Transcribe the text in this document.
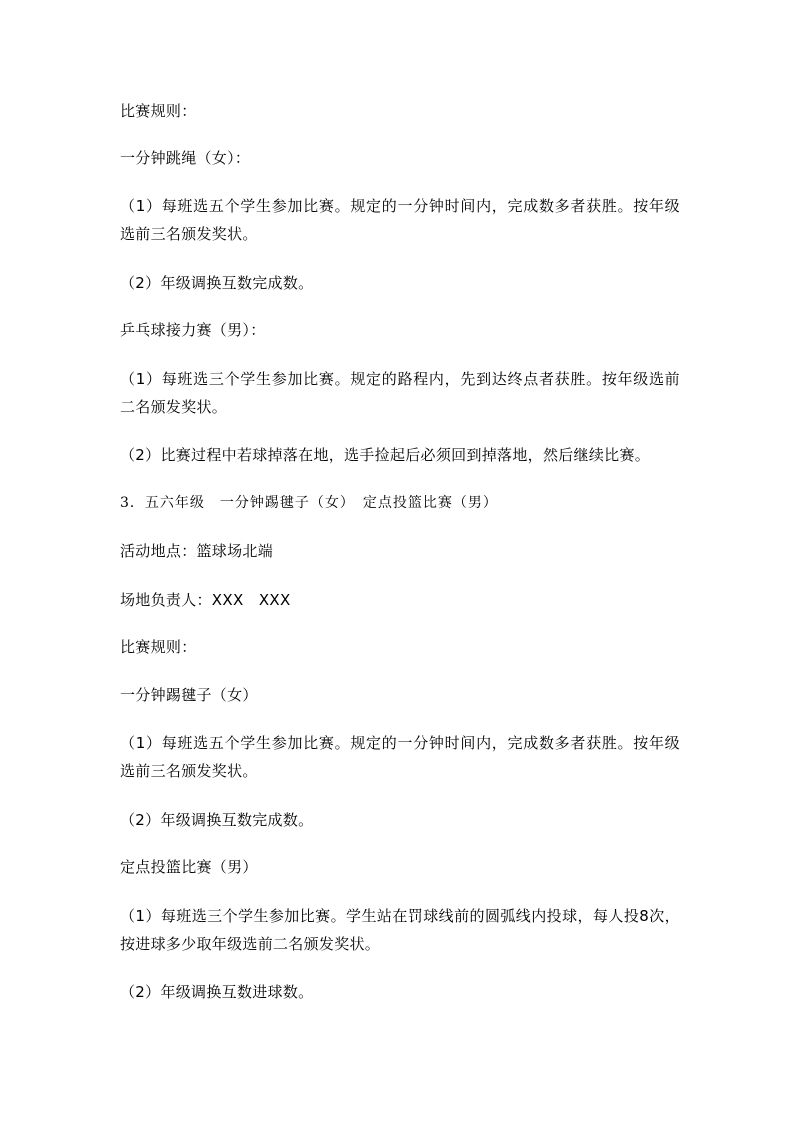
比赛规则：
一分钟跳绳（女）：
（1）每班选五个学生参加比赛。规定的一分钟时间内，完成数多者获胜。按年级选前三名颁发奖状。
（2）年级调换互数完成数。
乒乓球接力赛（男）：
（1）每班选三个学生参加比赛。规定的路程内，先到达终点者获胜。按年级选前二名颁发奖状。
（2）比赛过程中若球掉落在地，选手捡起后必须回到掉落地，然后继续比赛。
3．五六年级　一分钟踢毽子（女）　定点投篮比赛（男）
活动地点：篮球场北端
场地负责人：XXX　XXX
比赛规则：
一分钟踢毽子（女）
（1）每班选五个学生参加比赛。规定的一分钟时间内，完成数多者获胜。按年级选前三名颁发奖状。
（2）年级调换互数完成数。
定点投篮比赛（男）
（1）每班选三个学生参加比赛。学生站在罚球线前的圆弧线内投球，每人投8次，按进球多少取年级选前二名颁发奖状。
（2）年级调换互数进球数。
